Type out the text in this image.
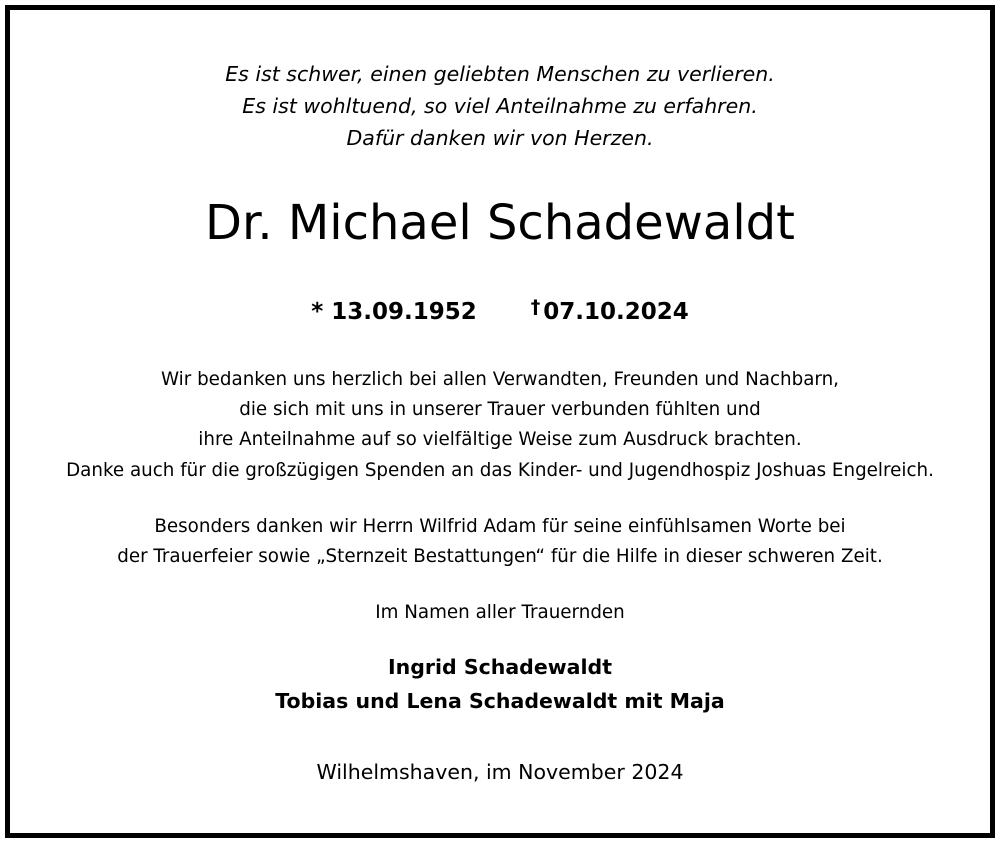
Es ist schwer, einen geliebten Menschen zu verlieren.
Es ist wohltuend, so viel Anteilnahme zu erfahren.
Dafür danken wir von Herzen.
Dr. Michael Schadewaldt
* 13.09.1952	† 07.10.2024
Wir bedanken uns herzlich bei allen Verwandten, Freunden und Nachbarn,
die sich mit uns in unserer Trauer verbunden fühlten und
ihre Anteilnahme auf so vielfältige Weise zum Ausdruck brachten.
Danke auch für die großzügigen Spenden an das Kinder- und Jugendhospiz Joshuas Engelreich.
Besonders danken wir Herrn Wilfrid Adam für seine einfühlsamen Worte bei
der Trauerfeier sowie „Sternzeit Bestattungen“ für die Hilfe in dieser schweren Zeit.
Im Namen aller Trauernden
Ingrid Schadewaldt
Tobias und Lena Schadewaldt mit Maja
Wilhelmshaven, im November 2024
